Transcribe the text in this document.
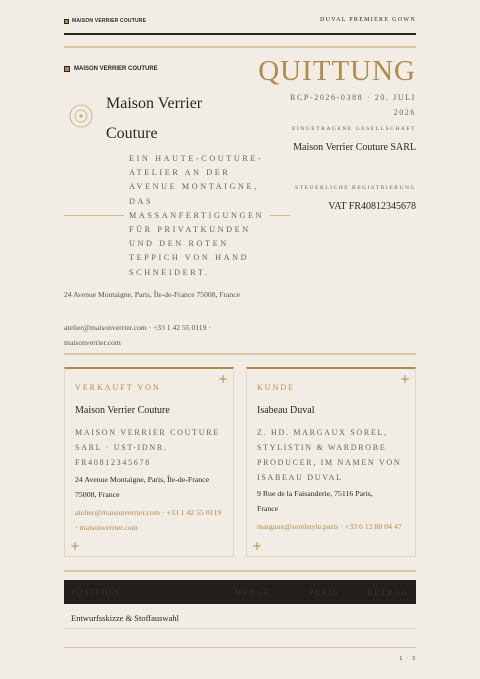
MAISON VERRIER COUTURE	DUVAL PREMIERE GOWN
MAISON VERRIER COUTURE
Maison Verrier Couture
EIN HAUTE-COUTURE-ATELIER AN DER AVENUE MONTAIGNE, DAS MASSANFERTIGUNGEN FÜR PRIVATKUNDEN UND DEN ROTEN TEPPICH VON HAND SCHNEIDERT.
24 Avenue Montaigne, Paris, Île-de-France 75008, France
atelier@maisonverrier.com · +33 1 42 55 0119 · maisonverrier.com
QUITTUNG
RCP-2026-0388 · 20. JULI 2026
EINGETRAGENE GESELLSCHAFT
Maison Verrier Couture SARL
STEUERLICHE REGISTRIERUNG
VAT FR40812345678
+
+
VERKAUFT VON
Maison Verrier Couture
MAISON VERRIER COUTURE SARL · UST-IDNR. FR40812345678
24 Avenue Montaigne, Paris, Île-de-France 75008, France
atelier@maisonverrier.com · +33 1 42 55 0119 · maisonverrier.com
+
+
KUNDE
Isabeau Duval
Z. HD. MARGAUX SOREL, STYLISTIN & WARDROBE PRODUCER, IM NAMEN VON ISABEAU DUVAL
9 Rue de la Faisanderie, 75116 Paris, France
margaux@sorelstyle.paris · +33 6 12 88 04 47
POSITION	MENGE	PREIS	BETRAG
Entwurfsskizze & Stoffauswahl
1 / 3
